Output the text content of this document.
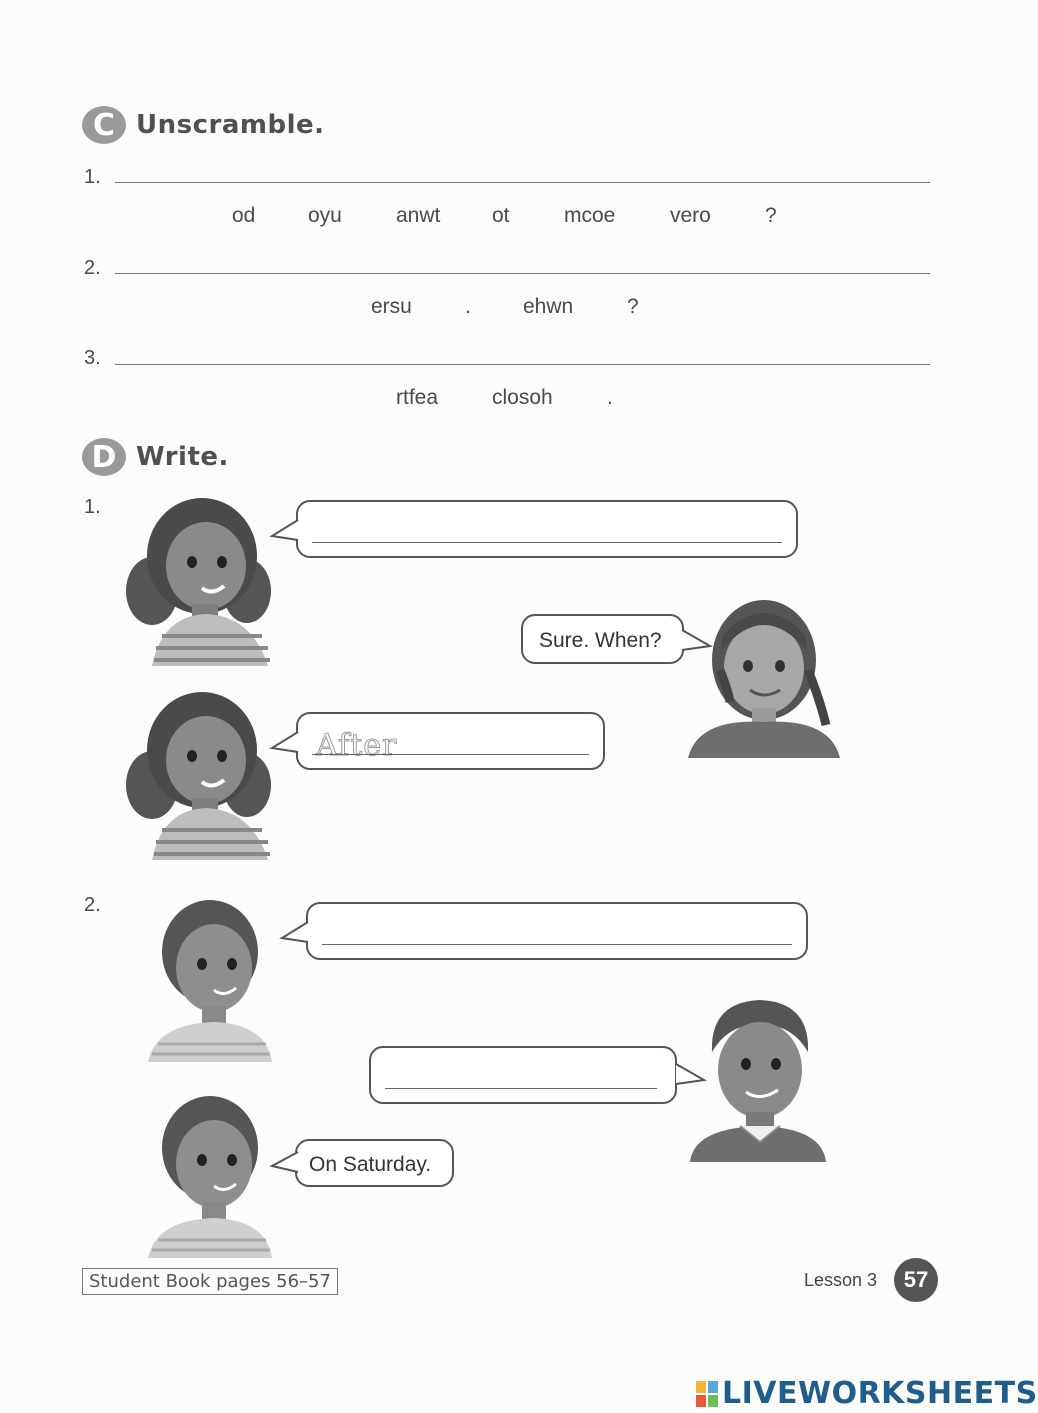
C Unscramble.
1.
od	oyu	anwt ot	mcoe	vero	?
2.
ersu	. ehwn	?
3.
rtfea	closoh	.
D Write.
1.
Sure. When?
After
2.
On Saturday.
Student Book pages 56–57	Lesson 3	57
LIVEWORKSHEETS
